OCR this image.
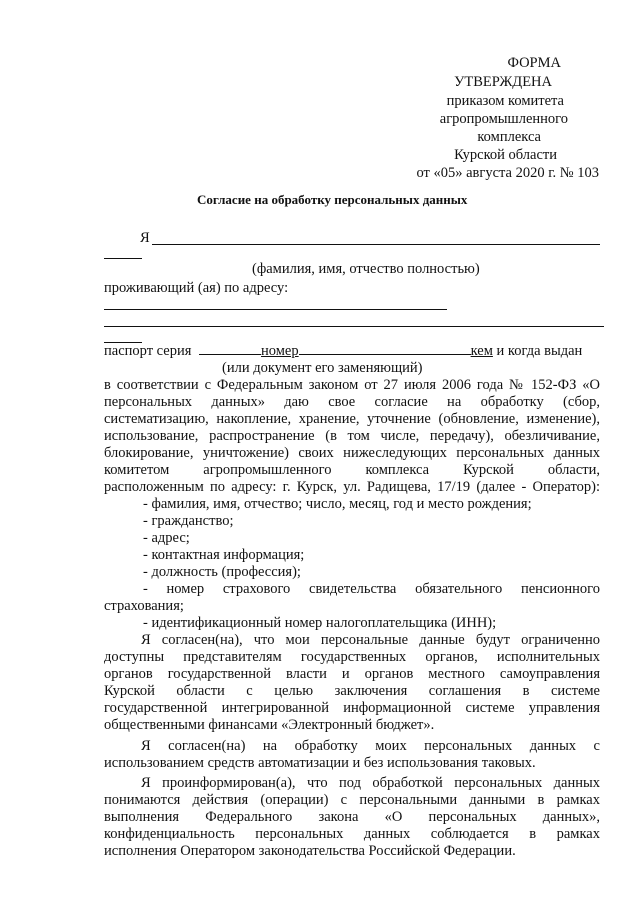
ФОРМА
УТВЕРЖДЕНА
приказом комитета
агропромышленного
комплекса
Курской области
от «05» августа 2020 г. № 103
Согласие на обработку персональных данных
Я
(фамилия, имя, отчество полностью)
проживающий (ая) по адресу:
паспорт серия	номер	кем и когда выдан
(или документ его заменяющий)
в соответствии с Федеральным законом от 27 июля 2006 года № 152-ФЗ «О
персональных данных» даю свое согласие на обработку (сбор,
систематизацию, накопление, хранение, уточнение (обновление, изменение),
использование, распространение (в том числе, передачу), обезличивание,
блокирование, уничтожение) своих нижеследующих персональных данных
комитетом агропромышленного комплекса Курской области,
расположенным по адресу: г. Курск, ул. Радищева, 17/19 (далее - Оператор):
- фамилия, имя, отчество; число, месяц, год и место рождения;
- гражданство;
- адрес;
- контактная информация;
- должность (профессия);
- номер страхового свидетельства обязательного пенсионного
страхования;
- идентификационный номер налогоплательщика (ИНН);
Я согласен(на), что мои персональные данные будут ограниченно
доступны представителям государственных органов, исполнительных
органов государственной власти и органов местного самоуправления
Курской области с целью заключения соглашения в системе
государственной интегрированной информационной системе управления
общественными финансами «Электронный бюджет».
Я согласен(на) на обработку моих персональных данных с
использованием средств автоматизации и без использования таковых.
Я проинформирован(а), что под обработкой персональных данных
понимаются действия (операции) с персональными данными в рамках
выполнения Федерального закона «О персональных данных»,
конфиденциальность персональных данных соблюдается в рамках
исполнения Оператором законодательства Российской Федерации.
